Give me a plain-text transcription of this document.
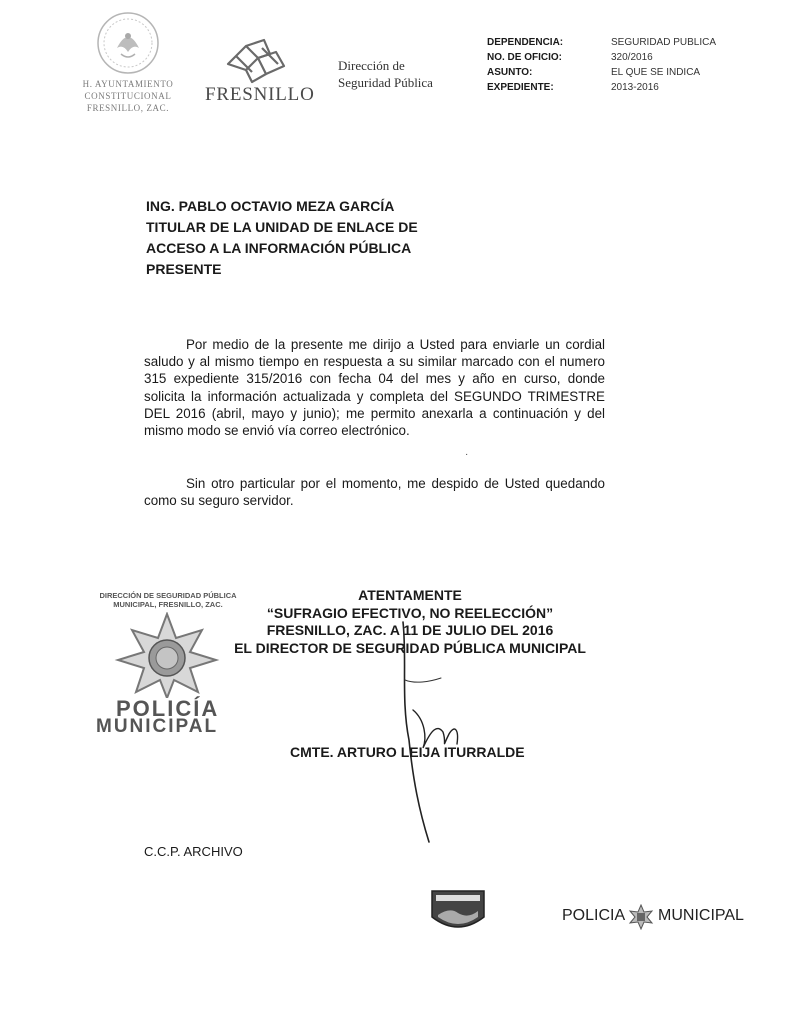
H. AYUNTAMIENTO
CONSTITUCIONAL
FRESNILLO, ZAC.
FRESNILLO
Dirección de
Seguridad Pública
DEPENDENCIA:	SEGURIDAD PUBLICA
NO. DE OFICIO:	320/2016
ASUNTO:	EL QUE SE INDICA
EXPEDIENTE:	2013-2016
ING. PABLO OCTAVIO MEZA GARCÍA
TITULAR DE LA UNIDAD DE ENLACE DE
ACCESO A LA INFORMACIÓN PÚBLICA
PRESENTE
Por medio de la presente me dirijo a Usted para enviarle un cordial saludo y al mismo tiempo en respuesta a su similar marcado con el numero 315 expediente 315/2016 con fecha 04 del mes y año en curso, donde solicita la información actualizada y completa del SEGUNDO TRIMESTRE DEL 2016 (abril, mayo y junio); me permito anexarla a continuación y del mismo modo se envió vía correo electrónico.
·
Sin otro particular por el momento, me despido de Usted quedando como su seguro servidor.
DIRECCIÓN DE SEGURIDAD PÚBLICA
MUNICIPAL, FRESNILLO, ZAC.
POLICÍA
MUNICIPAL
ATENTAMENTE
“SUFRAGIO EFECTIVO, NO REELECCIÓN”
FRESNILLO, ZAC. A 11 DE JULIO DEL 2016
EL DIRECTOR DE SEGURIDAD PÚBLICA MUNICIPAL
CMTE. ARTURO LEIJA ITURRALDE
C.C.P. ARCHIVO
POLICIA MUNICIPAL
